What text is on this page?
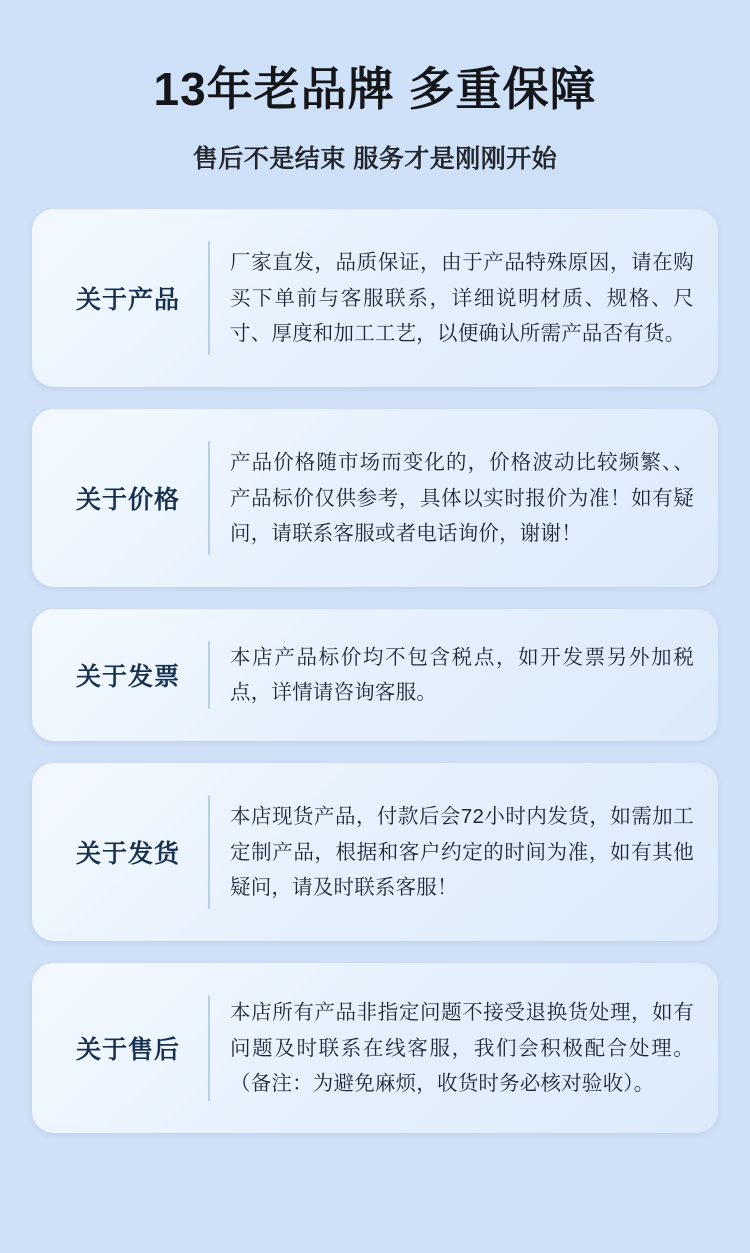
13年老品牌 多重保障
售后不是结束 服务才是刚刚开始
关于产品
厂家直发，品质保证，由于产品特殊原因，请在购买下单前与客服联系，详细说明材质、规格、尺寸、厚度和加工工艺，以便确认所需产品否有货。
关于价格
产品价格随市场而变化的，价格波动比较频繁、、产品标价仅供参考，具体以实时报价为准！如有疑问，请联系客服或者电话询价，谢谢！
关于发票
本店产品标价均不包含税点，如开发票另外加税点，详情请咨询客服。
关于发货
本店现货产品，付款后会72小时内发货，如需加工定制产品，根据和客户约定的时间为准，如有其他疑问，请及时联系客服！
关于售后
本店所有产品非指定问题不接受退换货处理，如有问题及时联系在线客服，我们会积极配合处理。（备注：为避免麻烦，收货时务必核对验收）。
